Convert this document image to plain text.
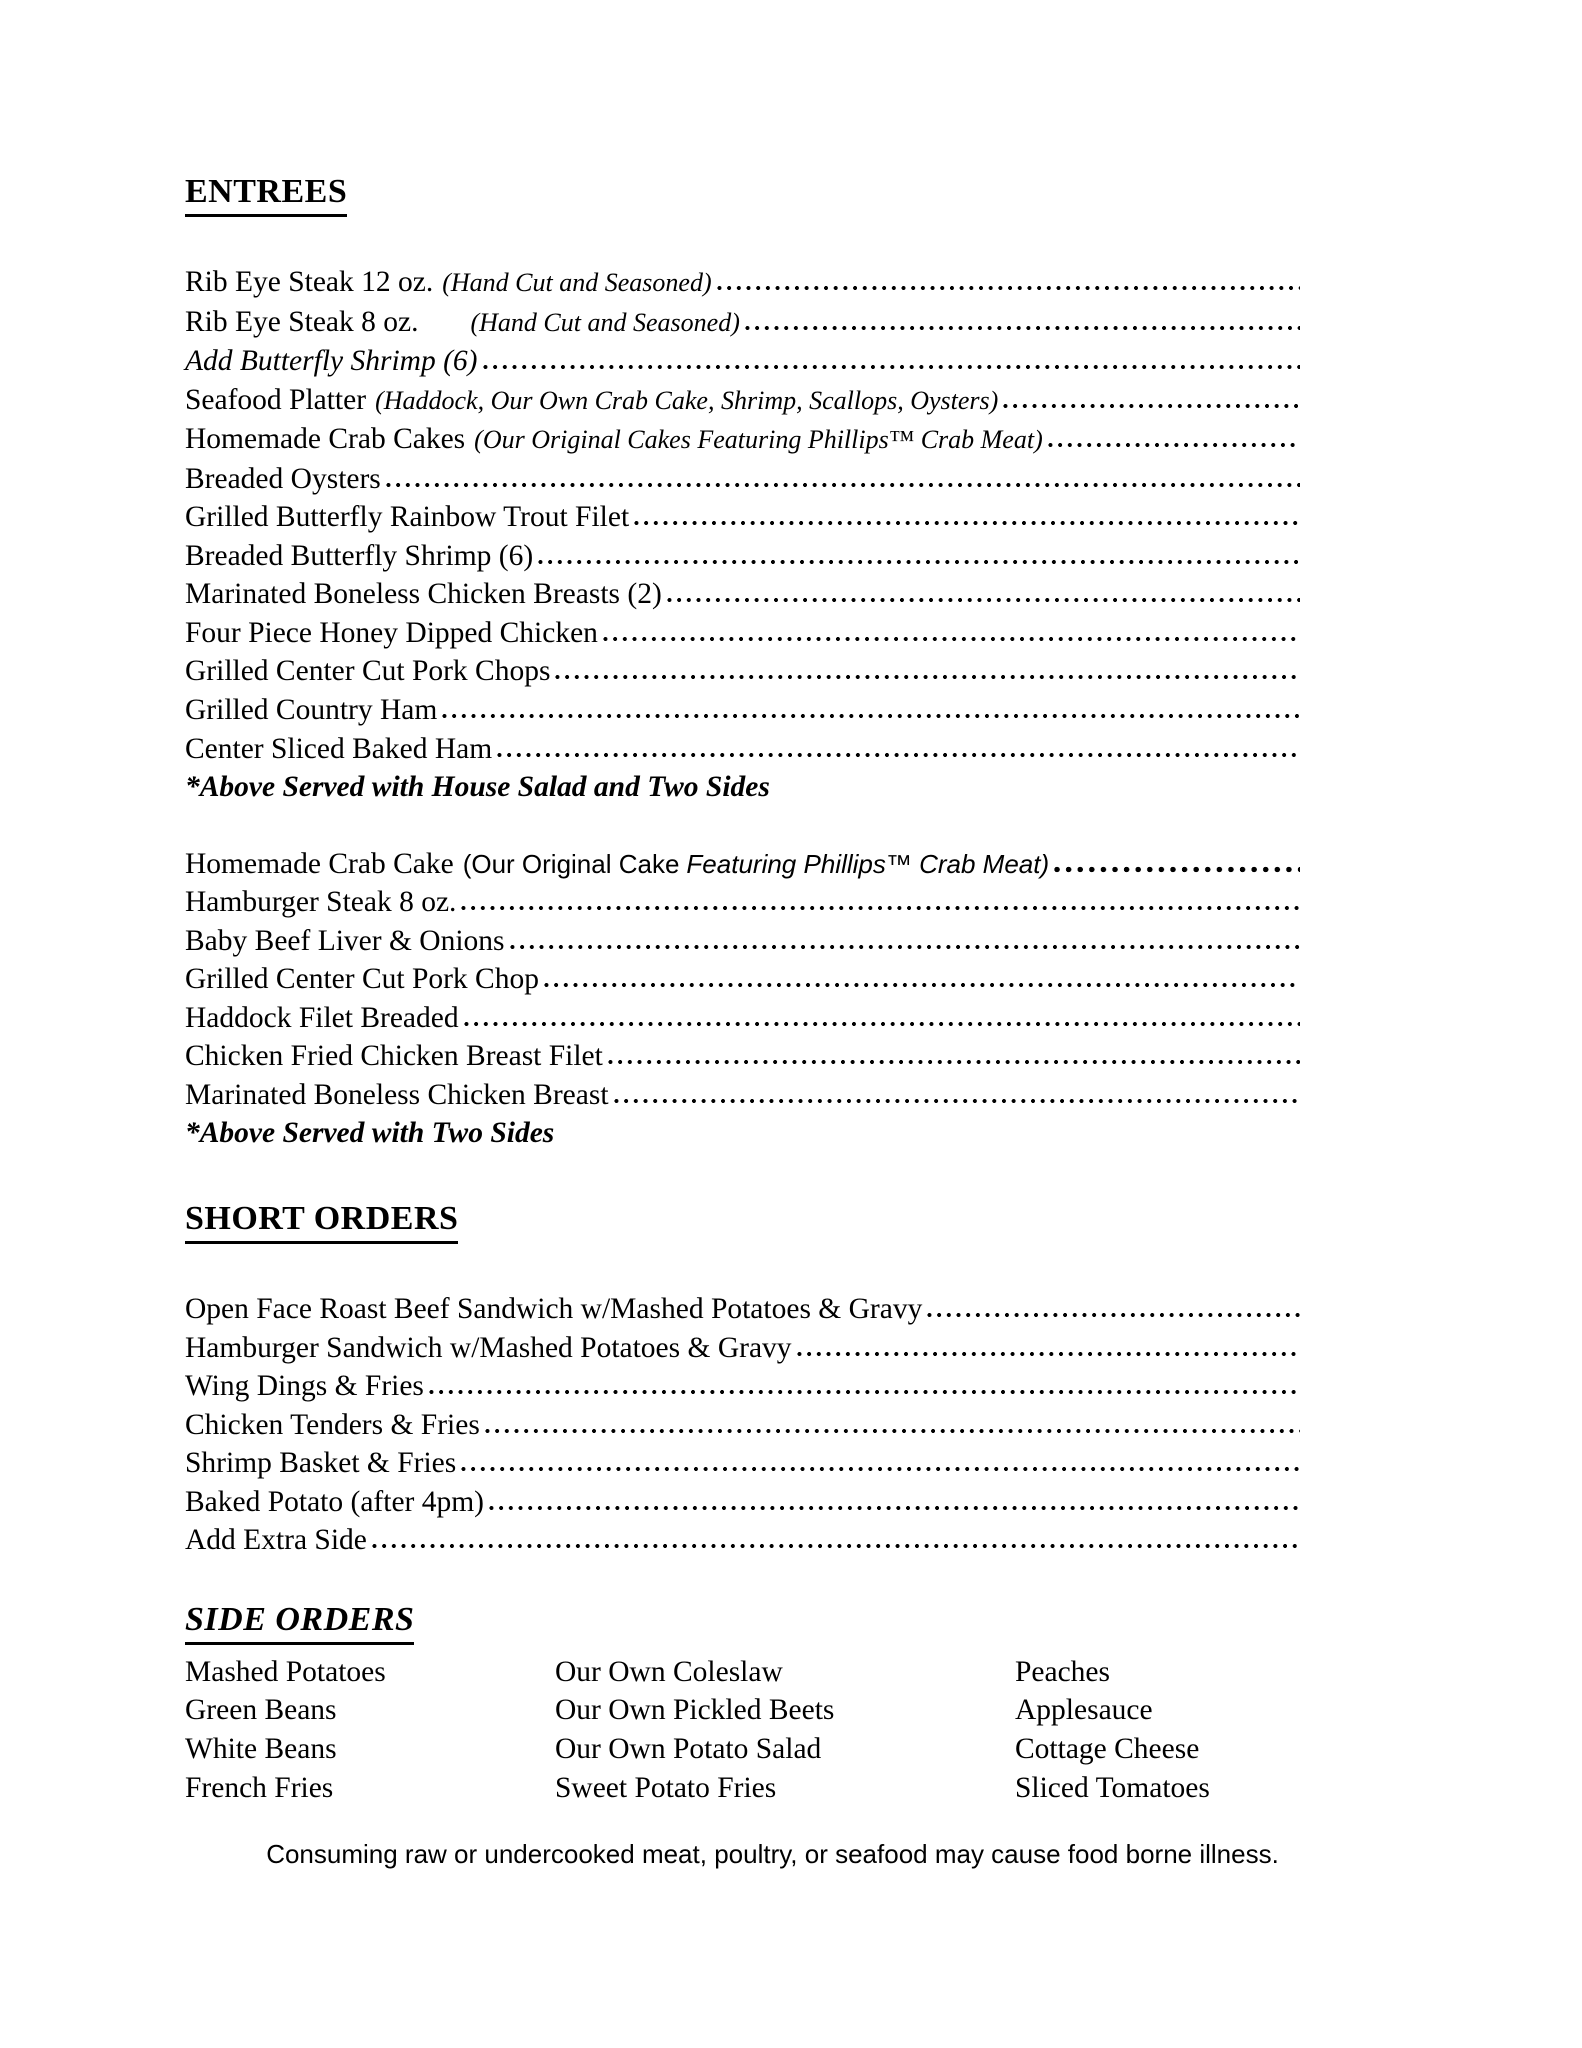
ENTREES
Rib Eye Steak 12 oz. (Hand Cut and Seasoned)
Rib Eye Steak 8 oz. (Hand Cut and Seasoned)
Add Butterfly Shrimp (6)
Seafood Platter (Haddock, Our Own Crab Cake, Shrimp, Scallops, Oysters)
Homemade Crab Cakes (Our Original Cakes Featuring Phillips™ Crab Meat)
Breaded Oysters
Grilled Butterfly Rainbow Trout Filet
Breaded Butterfly Shrimp (6)
Marinated Boneless Chicken Breasts (2)
Four Piece Honey Dipped Chicken
Grilled Center Cut Pork Chops
Grilled Country Ham
Center Sliced Baked Ham
*Above Served with House Salad and Two Sides
Homemade Crab Cake (Our Original Cake Featuring Phillips™ Crab Meat)
Hamburger Steak 8 oz.
Baby Beef Liver & Onions
Grilled Center Cut Pork Chop
Haddock Filet Breaded
Chicken Fried Chicken Breast Filet
Marinated Boneless Chicken Breast
*Above Served with Two Sides
SHORT ORDERS
Open Face Roast Beef Sandwich w/Mashed Potatoes & Gravy
Hamburger Sandwich w/Mashed Potatoes & Gravy
Wing Dings & Fries
Chicken Tenders & Fries
Shrimp Basket & Fries
Baked Potato (after 4pm)
Add Extra Side
SIDE ORDERS
Mashed Potatoes
Green Beans
White Beans
French Fries
Our Own Coleslaw
Our Own Pickled Beets
Our Own Potato Salad
Sweet Potato Fries
Peaches
Applesauce
Cottage Cheese
Sliced Tomatoes
Consuming raw or undercooked meat, poultry, or seafood may cause food borne illness.
